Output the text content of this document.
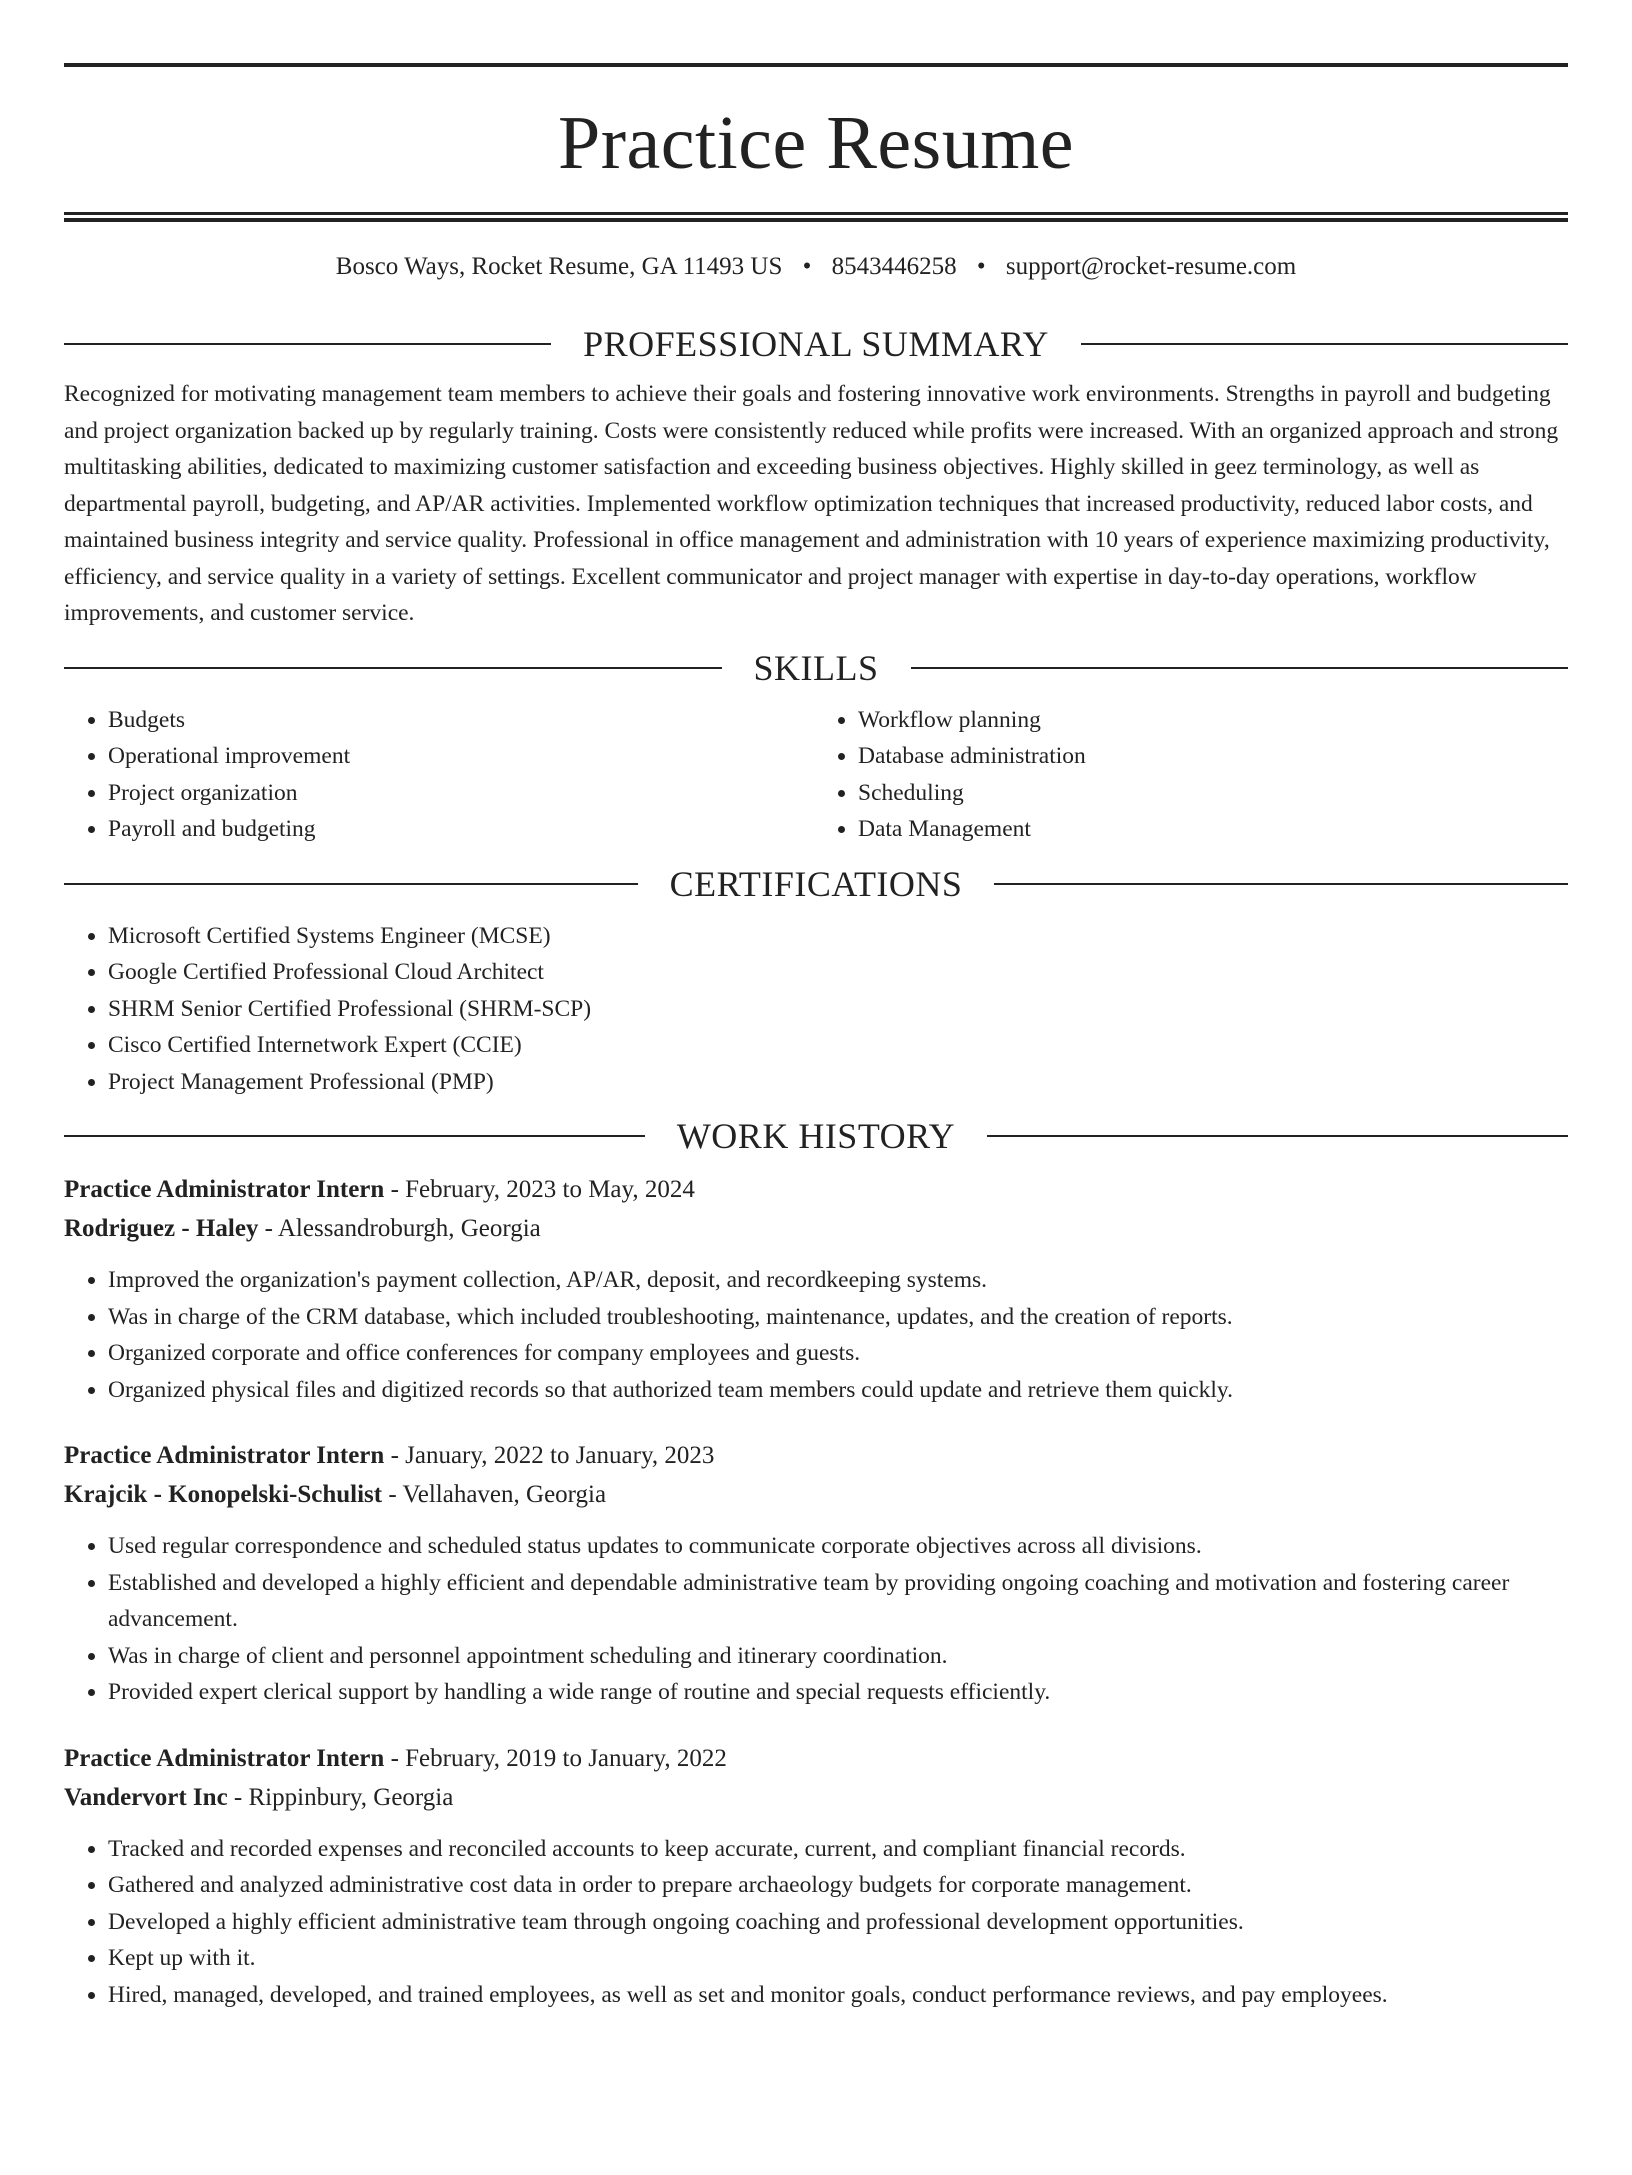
Practice Resume
Bosco Ways, Rocket Resume, GA 11493 US • 8543446258 • support@rocket-resume.com
PROFESSIONAL SUMMARY
Recognized for motivating management team members to achieve their goals and fostering innovative work environments. Strengths in payroll and budgeting and project organization backed up by regularly training. Costs were consistently reduced while profits were increased. With an organized approach and strong multitasking abilities, dedicated to maximizing customer satisfaction and exceeding business objectives. Highly skilled in geez terminology, as well as departmental payroll, budgeting, and AP/AR activities. Implemented workflow optimization techniques that increased productivity, reduced labor costs, and maintained business integrity and service quality. Professional in office management and administration with 10 years of experience maximizing productivity, efficiency, and service quality in a variety of settings. Excellent communicator and project manager with expertise in day-to-day operations, workflow improvements, and customer service.
SKILLS
• Budgets
• Operational improvement
• Project organization
• Payroll and budgeting
• Workflow planning
• Database administration
• Scheduling
• Data Management
CERTIFICATIONS
• Microsoft Certified Systems Engineer (MCSE)
• Google Certified Professional Cloud Architect
• SHRM Senior Certified Professional (SHRM-SCP)
• Cisco Certified Internetwork Expert (CCIE)
• Project Management Professional (PMP)
WORK HISTORY
Practice Administrator Intern - February, 2023 to May, 2024
Rodriguez - Haley - Alessandroburgh, Georgia
• Improved the organization's payment collection, AP/AR, deposit, and recordkeeping systems.
• Was in charge of the CRM database, which included troubleshooting, maintenance, updates, and the creation of reports.
• Organized corporate and office conferences for company employees and guests.
• Organized physical files and digitized records so that authorized team members could update and retrieve them quickly.
Practice Administrator Intern - January, 2022 to January, 2023
Krajcik - Konopelski-Schulist - Vellahaven, Georgia
• Used regular correspondence and scheduled status updates to communicate corporate objectives across all divisions.
• Established and developed a highly efficient and dependable administrative team by providing ongoing coaching and motivation and fostering career advancement.
• Was in charge of client and personnel appointment scheduling and itinerary coordination.
• Provided expert clerical support by handling a wide range of routine and special requests efficiently.
Practice Administrator Intern - February, 2019 to January, 2022
Vandervort Inc - Rippinbury, Georgia
• Tracked and recorded expenses and reconciled accounts to keep accurate, current, and compliant financial records.
• Gathered and analyzed administrative cost data in order to prepare archaeology budgets for corporate management.
• Developed a highly efficient administrative team through ongoing coaching and professional development opportunities.
• Kept up with it.
• Hired, managed, developed, and trained employees, as well as set and monitor goals, conduct performance reviews, and pay employees.
